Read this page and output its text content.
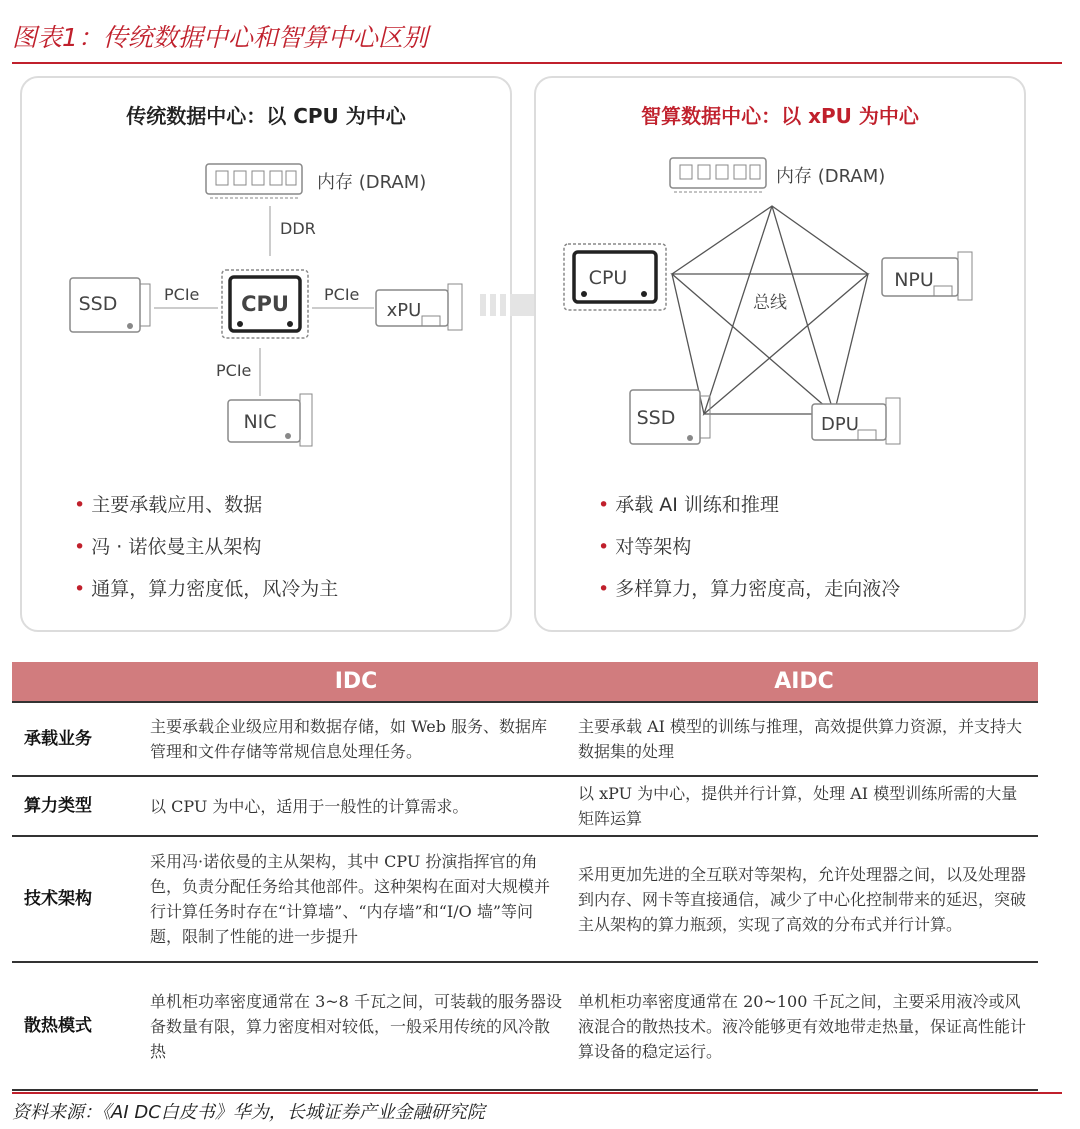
图表1：传统数据中心和智算中心区别
传统数据中心：以 CPU 为中心
内存 (DRAM)
DDR
CPU
PCIe	PCIe
PCIe
SSD	xPU
NIC
• 主要承载应用、数据
• 冯 · 诺依曼主从架构
• 通算，算力密度低，风冷为主
智算数据中心：以 xPU 为中心
总线
内存 (DRAM)
CPU	NPU
SSD	DPU
• 承载 AI 训练和推理
• 对等架构
• 多样算力，算力密度高，走向液冷
	IDC	AIDC
承载业务	主要承载企业级应用和数据存储，如 Web 服务、数据库管理和文件存储等常规信息处理任务。	主要承载 AI 模型的训练与推理，高效提供算力资源，并支持大数据集的处理
算力类型	以 CPU 为中心，适用于一般性的计算需求。	以 xPU 为中心，提供并行计算，处理 AI 模型训练所需的大量矩阵运算
技术架构	采用冯·诺依曼的主从架构，其中 CPU 扮演指挥官的角色，负责分配任务给其他部件。这种架构在面对大规模并行计算任务时存在“计算墙”、“内存墙”和“I/O 墙”等问题，限制了性能的进一步提升	采用更加先进的全互联对等架构，允许处理器之间，以及处理器到内存、网卡等直接通信，减少了中心化控制带来的延迟，突破主从架构的算力瓶颈，实现了高效的分布式并行计算。
散热模式	单机柜功率密度通常在 3~8 千瓦之间，可装载的服务器设备数量有限，算力密度相对较低，一般采用传统的风冷散热	单机柜功率密度通常在 20~100 千瓦之间，主要采用液冷或风液混合的散热技术。液冷能够更有效地带走热量，保证高性能计算设备的稳定运行。
资料来源：《AI DC白皮书》华为，长城证券产业金融研究院
